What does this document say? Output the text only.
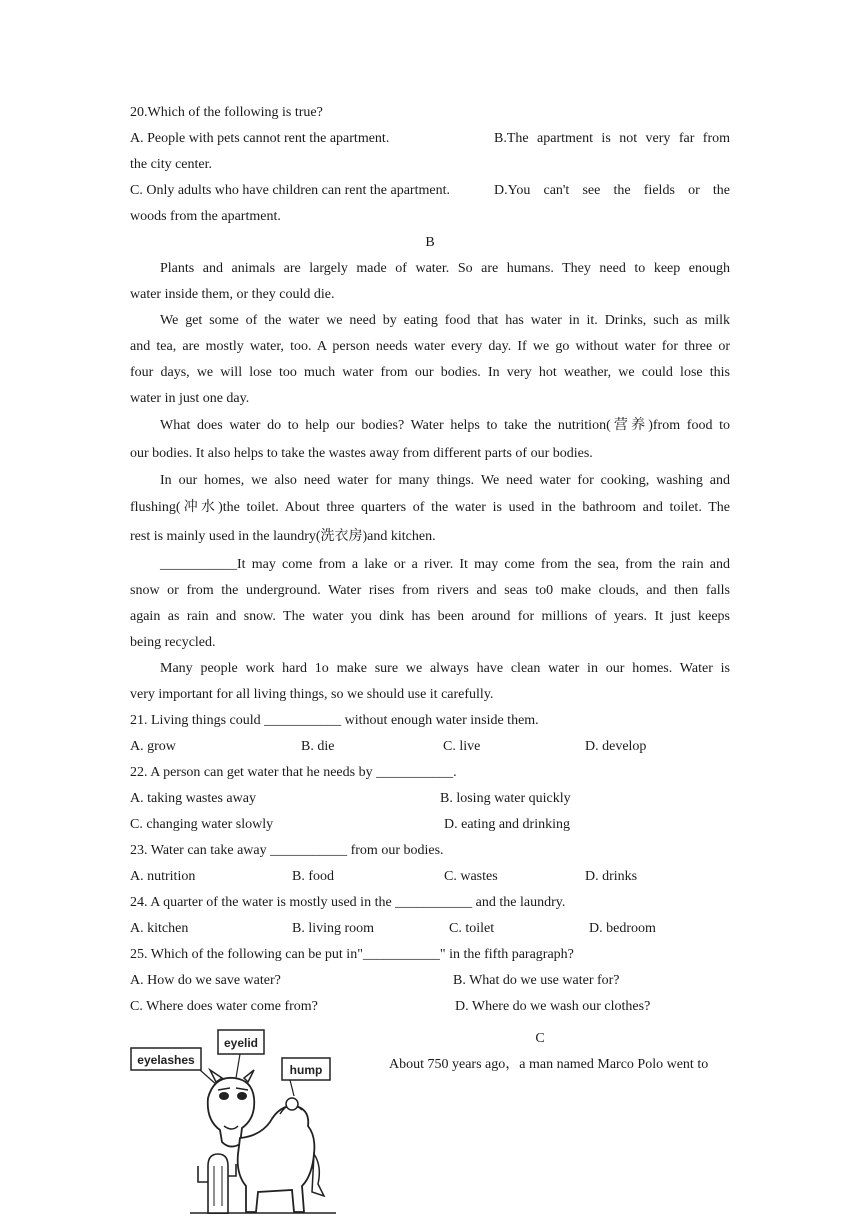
20.Which of the following is true?
A. People with pets cannot rent the apartment.	B.The apartment is not very far from
the city center.
C. Only adults who have children can rent the apartment.	D.You can't see the fields or the
woods from the apartment.
B
Plants and animals are largely made of water. So are humans. They need to keep enough
water inside them, or they could die.
We get some of the water we need by eating food that has water in it. Drinks, such as milk
and tea, are mostly water, too. A person needs water every day. If we go without water for three or
four days, we will lose too much water from our bodies. In very hot weather, we could lose this
water in just one day.
What does water do to help our bodies? Water helps to take the nutrition(营养)from food to
our bodies. It also helps to take the wastes away from different parts of our bodies.
In our homes, we also need water for many things. We need water for cooking, washing and
flushing(冲水)the toilet. About three quarters of the water is used in the bathroom and toilet. The
rest is mainly used in the laundry(洗衣房)and kitchen.
___________It may come from a lake or a river. It may come from the sea, from the rain and
snow or from the underground. Water rises from rivers and seas to0 make clouds, and then falls
again as rain and snow. The water you dink has been around for millions of years. It just keeps
being recycled.
Many people work hard 1o make sure we always have clean water in our homes. Water is
very important for all living things, so we should use it carefully.
21. Living things could ___________ without enough water inside them.
A. grow	B. die	C. live	D. develop
22. A person can get water that he needs by ___________.
A. taking wastes away	B. losing water quickly
C. changing water slowly	D. eating and drinking
23. Water can take away ___________ from our bodies.
A. nutrition	B. food	C. wastes	D. drinks
24. A quarter of the water is mostly used in the ___________ and the laundry.
A. kitchen	B. living room	C. toilet	D. bedroom
25. Which of the following can be put in"___________" in the fifth paragraph?
A. How do we save water?	B. What do we use water for?
C. Where does water come from?	D. Where do we wash our clothes?
C
About 750 years ago，a man named Marco Polo went to
eyelashes
eyelid
hump
